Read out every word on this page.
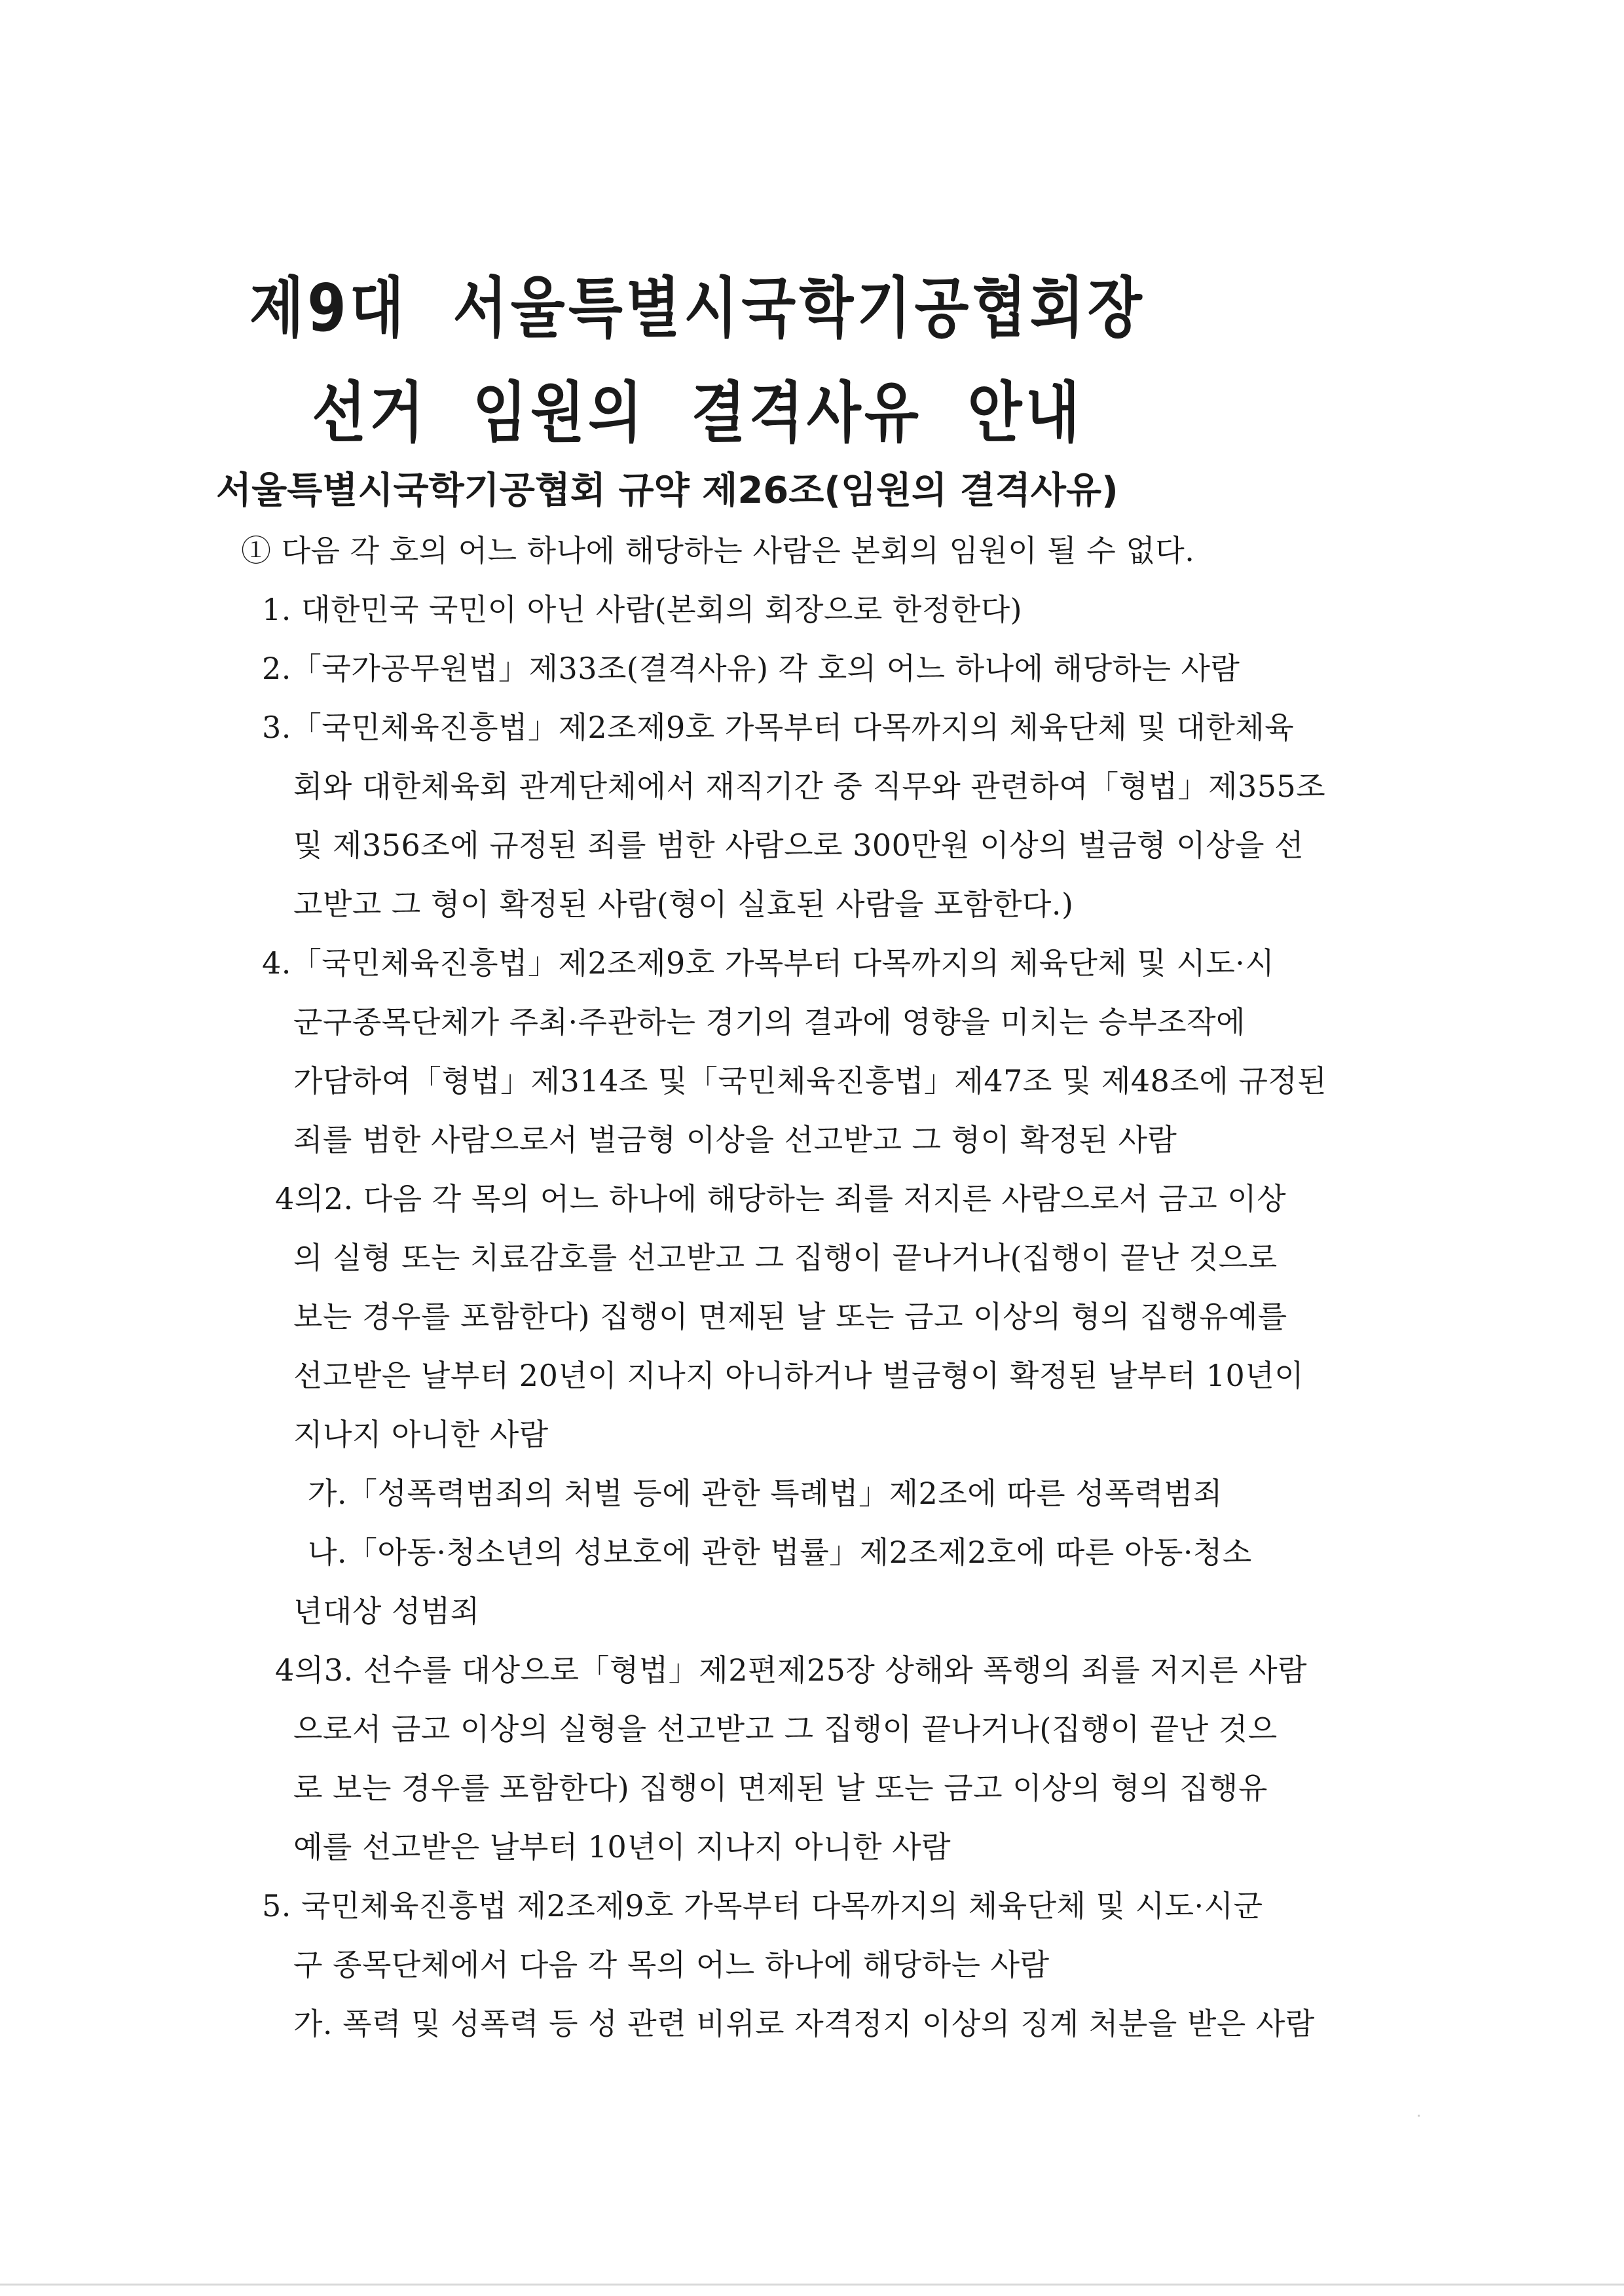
제9대 서울특별시국학기공협회장
선거 임원의 결격사유 안내
서울특별시국학기공협회 규약 제26조(임원의 결격사유)
① 다음 각 호의 어느 하나에 해당하는 사람은 본회의 임원이 될 수 없다.
1. 대한민국 국민이 아닌 사람(본회의 회장으로 한정한다)
2.「국가공무원법」제33조(결격사유) 각 호의 어느 하나에 해당하는 사람
3.「국민체육진흥법」제2조제9호 가목부터 다목까지의 체육단체 및 대한체육
회와 대한체육회 관계단체에서 재직기간 중 직무와 관련하여「형법」제355조
및 제356조에 규정된 죄를 범한 사람으로 300만원 이상의 벌금형 이상을 선
고받고 그 형이 확정된 사람(형이 실효된 사람을 포함한다.)
4.「국민체육진흥법」제2조제9호 가목부터 다목까지의 체육단체 및 시도·시
군구종목단체가 주최·주관하는 경기의 결과에 영향을 미치는 승부조작에
가담하여「형법」제314조 및「국민체육진흥법」제47조 및 제48조에 규정된
죄를 범한 사람으로서 벌금형 이상을 선고받고 그 형이 확정된 사람
4의2. 다음 각 목의 어느 하나에 해당하는 죄를 저지른 사람으로서 금고 이상
의 실형 또는 치료감호를 선고받고 그 집행이 끝나거나(집행이 끝난 것으로
보는 경우를 포함한다) 집행이 면제된 날 또는 금고 이상의 형의 집행유예를
선고받은 날부터 20년이 지나지 아니하거나 벌금형이 확정된 날부터 10년이
지나지 아니한 사람
가.「성폭력범죄의 처벌 등에 관한 특례법」제2조에 따른 성폭력범죄
나.「아동·청소년의 성보호에 관한 법률」제2조제2호에 따른 아동·청소
년대상 성범죄
4의3. 선수를 대상으로「형법」제2편제25장 상해와 폭행의 죄를 저지른 사람
으로서 금고 이상의 실형을 선고받고 그 집행이 끝나거나(집행이 끝난 것으
로 보는 경우를 포함한다) 집행이 면제된 날 또는 금고 이상의 형의 집행유
예를 선고받은 날부터 10년이 지나지 아니한 사람
5. 국민체육진흥법 제2조제9호 가목부터 다목까지의 체육단체 및 시도·시군
구 종목단체에서 다음 각 목의 어느 하나에 해당하는 사람
가. 폭력 및 성폭력 등 성 관련 비위로 자격정지 이상의 징계 처분을 받은 사람
